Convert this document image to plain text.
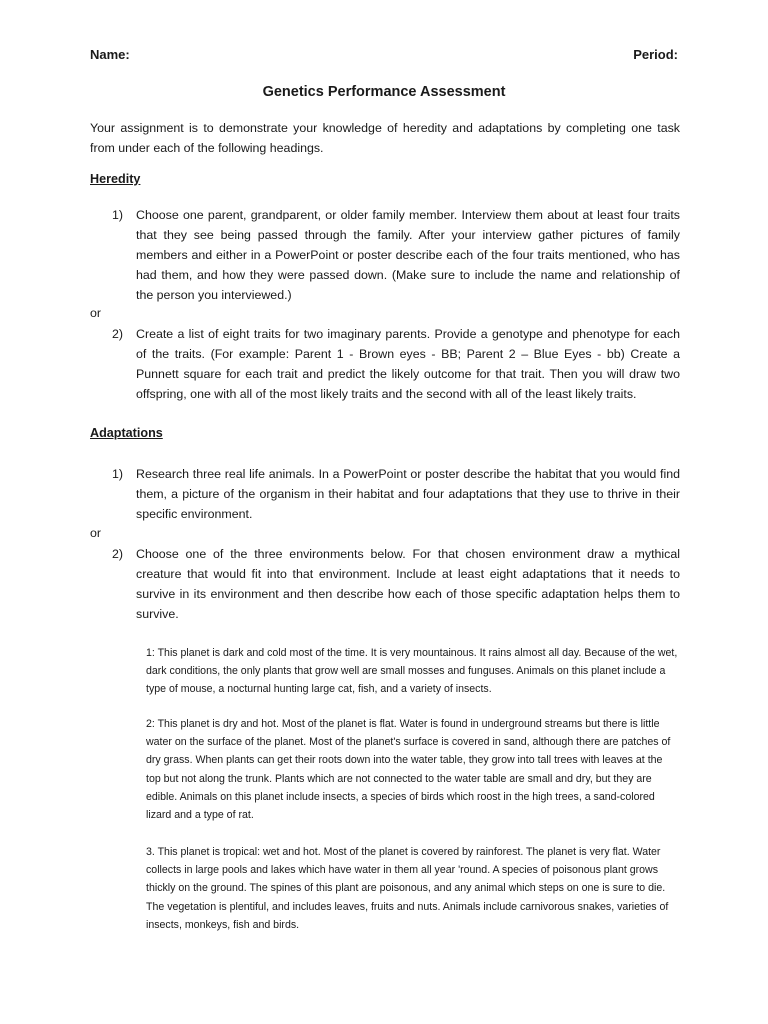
Name:	Period:
Genetics Performance Assessment
Your assignment is to demonstrate your knowledge of heredity and adaptations by completing one task from under each of the following headings.
Heredity
1)	Choose one parent, grandparent, or older family member. Interview them about at least four traits that they see being passed through the family. After your interview gather pictures of family members and either in a PowerPoint or poster describe each of the four traits mentioned, who has had them, and how they were passed down. (Make sure to include the name and relationship of the person you interviewed.)
or
2)	Create a list of eight traits for two imaginary parents. Provide a genotype and phenotype for each of the traits. (For example: Parent 1 - Brown eyes - BB; Parent 2 – Blue Eyes - bb) Create a Punnett square for each trait and predict the likely outcome for that trait. Then you will draw two offspring, one with all of the most likely traits and the second with all of the least likely traits.
Adaptations
1)	Research three real life animals. In a PowerPoint or poster describe the habitat that you would find them, a picture of the organism in their habitat and four adaptations that they use to thrive in their specific environment.
or
2)	Choose one of the three environments below. For that chosen environment draw a mythical creature that would fit into that environment. Include at least eight adaptations that it needs to survive in its environment and then describe how each of those specific adaptation helps them to survive.
1: This planet is dark and cold most of the time. It is very mountainous. It rains almost all day. Because of the wet, dark conditions, the only plants that grow well are small mosses and funguses. Animals on this planet include a type of mouse, a nocturnal hunting large cat, fish, and a variety of insects.
2: This planet is dry and hot. Most of the planet is flat. Water is found in underground streams but there is little water on the surface of the planet. Most of the planet's surface is covered in sand, although there are patches of dry grass. When plants can get their roots down into the water table, they grow into tall trees with leaves at the top but not along the trunk. Plants which are not connected to the water table are small and dry, but they are edible. Animals on this planet include insects, a species of birds which roost in the high trees, a sand-colored lizard and a type of rat.
3. This planet is tropical: wet and hot. Most of the planet is covered by rainforest. The planet is very flat. Water collects in large pools and lakes which have water in them all year 'round. A species of poisonous plant grows thickly on the ground. The spines of this plant are poisonous, and any animal which steps on one is sure to die. The vegetation is plentiful, and includes leaves, fruits and nuts. Animals include carnivorous snakes, varieties of insects, monkeys, fish and birds.
